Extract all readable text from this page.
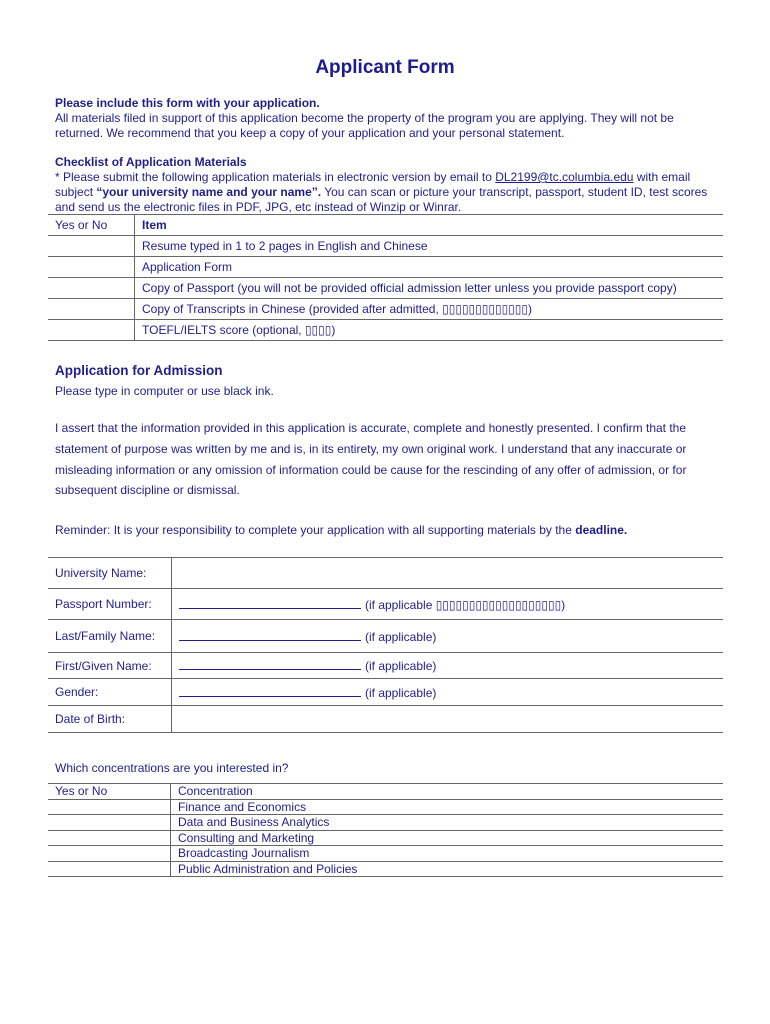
Applicant Form
Please include this form with your application.
All materials filed in support of this application become the property of the program you are applying. They will not be returned. We recommend that you keep a copy of your application and your personal statement.
Checklist of Application Materials
* Please submit the following application materials in electronic version by email to DL2199@tc.columbia.edu with email subject “your university name and your name”. You can scan or picture your transcript, passport, student ID, test scores and send us the electronic files in PDF, JPG, etc instead of Winzip or Winrar.
Yes or No	Item
	Resume typed in 1 to 2 pages in English and Chinese
	Application Form
	Copy of Passport (you will not be provided official admission letter unless you provide passport copy)
	Copy of Transcripts in Chinese (provided after admitted, ▯▯▯▯▯▯▯▯▯▯▯▯▯)
	TOEFL/IELTS score (optional, ▯▯▯▯)
Application for Admission
Please type in computer or use black ink.
I assert that the information provided in this application is accurate, complete and honestly presented. I confirm that the statement of purpose was written by me and is, in its entirety, my own original work. I understand that any inaccurate or misleading information or any omission of information could be cause for the rescinding of any offer of admission, or for subsequent discipline or dismissal.
Reminder: It is your responsibility to complete your application with all supporting materials by the deadline.
University Name:	
Passport Number:	(if applicable ▯▯▯▯▯▯▯▯▯▯▯▯▯▯▯▯▯▯▯)
Last/Family Name:	(if applicable)
First/Given Name:	(if applicable)
Gender:	(if applicable)
Date of Birth:	
Which concentrations are you interested in?
Yes or No	Concentration
	Finance and Economics
	Data and Business Analytics
	Consulting and Marketing
	Broadcasting Journalism
	Public Administration and Policies
